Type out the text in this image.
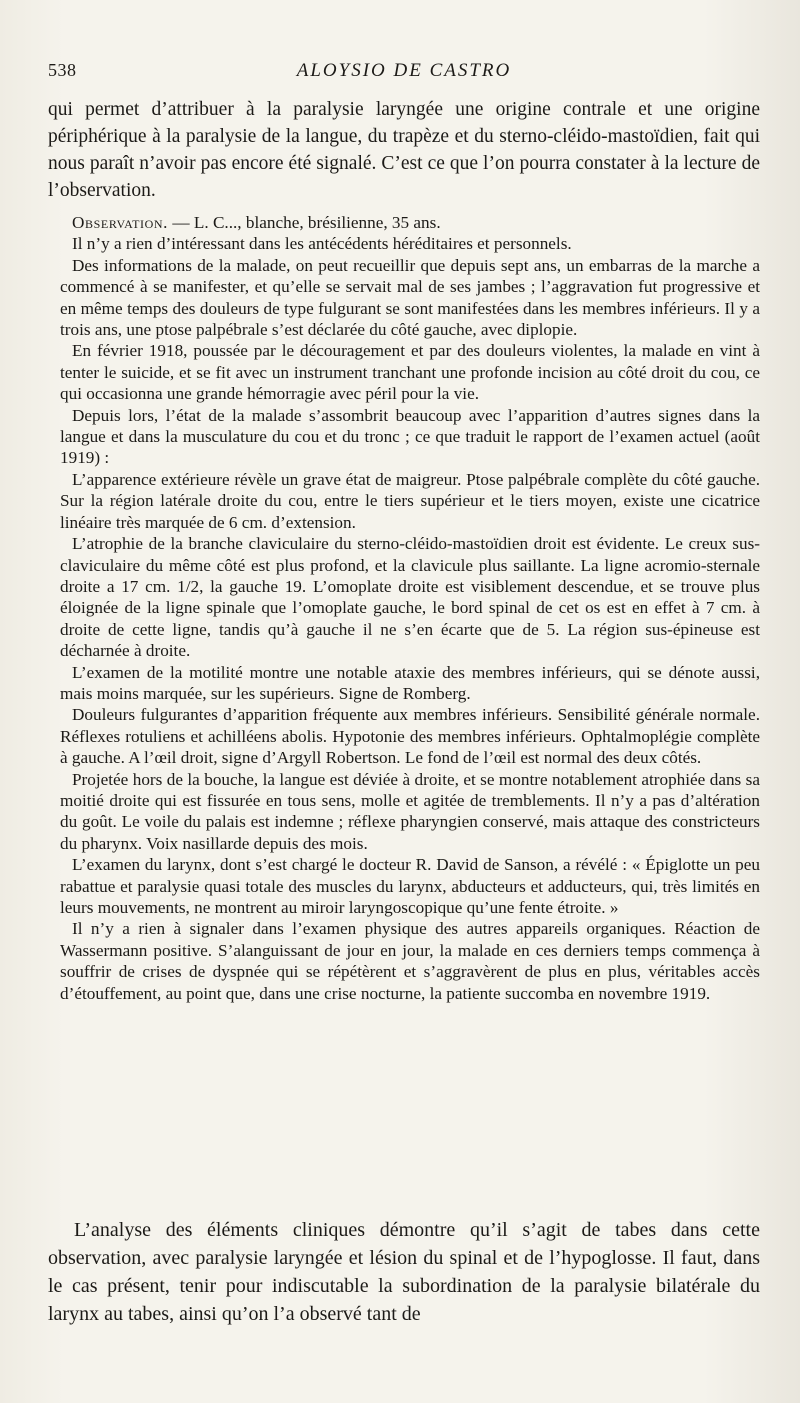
538	ALOYSIO DE CASTRO

qui permet d’attribuer à la paralysie laryngée une origine contrale et une origine périphérique à la paralysie de la langue, du trapèze et du sterno-cléido-mastoïdien, fait qui nous paraît n’avoir pas encore été signalé. C’est ce que l’on pourra constater à la lecture de l’observation.

Observation. — L. C..., blanche, brésilienne, 35 ans.

Il n’y a rien d’intéressant dans les antécédents héréditaires et personnels.

Des informations de la malade, on peut recueillir que depuis sept ans, un embarras de la marche a commencé à se manifester, et qu’elle se servait mal de ses jambes ; l’aggravation fut progressive et en même temps des douleurs de type fulgurant se sont manifestées dans les membres inférieurs. Il y a trois ans, une ptose palpébrale s’est déclarée du côté gauche, avec diplopie.

En février 1918, poussée par le découragement et par des douleurs violentes, la malade en vint à tenter le suicide, et se fit avec un instrument tranchant une profonde incision au côté droit du cou, ce qui occasionna une grande hémorragie avec péril pour la vie.

Depuis lors, l’état de la malade s’assombrit beaucoup avec l’apparition d’autres signes dans la langue et dans la musculature du cou et du tronc ; ce que traduit le rapport de l’examen actuel (août 1919) :

L’apparence extérieure révèle un grave état de maigreur. Ptose palpébrale complète du côté gauche. Sur la région latérale droite du cou, entre le tiers supérieur et le tiers moyen, existe une cicatrice linéaire très marquée de 6 cm. d’extension.

L’atrophie de la branche claviculaire du sterno-cléido-mastoïdien droit est évidente. Le creux sus-claviculaire du même côté est plus profond, et la clavicule plus saillante. La ligne acromio-sternale droite a 17 cm. 1/2, la gauche 19. L’omoplate droite est visiblement descendue, et se trouve plus éloignée de la ligne spinale que l’omoplate gauche, le bord spinal de cet os est en effet à 7 cm. à droite de cette ligne, tandis qu’à gauche il ne s’en écarte que de 5. La région sus-épineuse est décharnée à droite.

L’examen de la motilité montre une notable ataxie des membres inférieurs, qui se dénote aussi, mais moins marquée, sur les supérieurs. Signe de Romberg.

Douleurs fulgurantes d’apparition fréquente aux membres inférieurs. Sensibilité générale normale. Réflexes rotuliens et achilléens abolis. Hypotonie des membres inférieurs. Ophtalmoplégie complète à gauche. A l’œil droit, signe d’Argyll Robertson. Le fond de l’œil est normal des deux côtés.

Projetée hors de la bouche, la langue est déviée à droite, et se montre notablement atrophiée dans sa moitié droite qui est fissurée en tous sens, molle et agitée de tremblements. Il n’y a pas d’altération du goût. Le voile du palais est indemne ; réflexe pharyngien conservé, mais attaque des constricteurs du pharynx. Voix nasillarde depuis des mois.

L’examen du larynx, dont s’est chargé le docteur R. David de Sanson, a révélé : « Épiglotte un peu rabattue et paralysie quasi totale des muscles du larynx, abducteurs et adducteurs, qui, très limités en leurs mouvements, ne montrent au miroir laryngoscopique qu’une fente étroite. »

Il n’y a rien à signaler dans l’examen physique des autres appareils organiques. Réaction de Wassermann positive. S’alanguissant de jour en jour, la malade en ces derniers temps commença à souffrir de crises de dyspnée qui se répétèrent et s’aggravèrent de plus en plus, véritables accès d’étouffement, au point que, dans une crise nocturne, la patiente succomba en novembre 1919.

L’analyse des éléments cliniques démontre qu’il s’agit de tabes dans cette observation, avec paralysie laryngée et lésion du spinal et de l’hypoglosse. Il faut, dans le cas présent, tenir pour indiscutable la subordination de la paralysie bilatérale du larynx au tabes, ainsi qu’on l’a observé tant de
